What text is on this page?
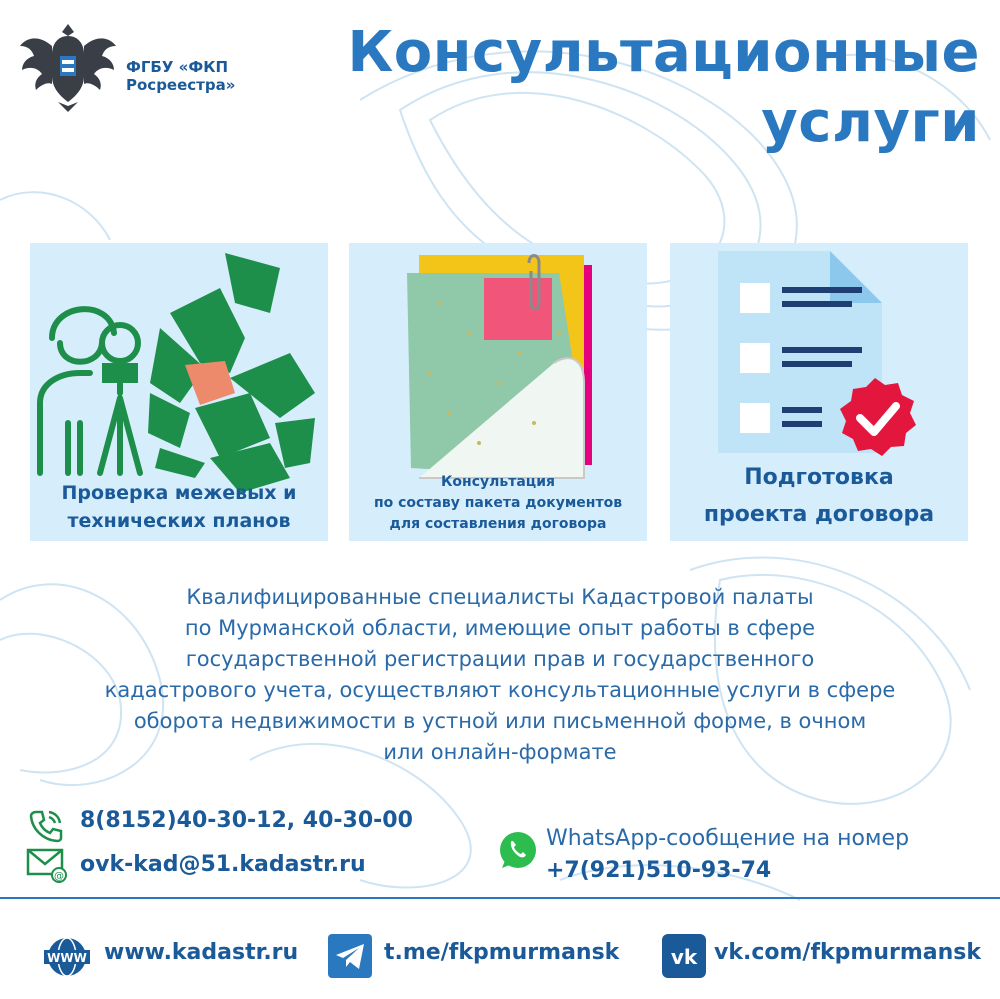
ФГБУ «ФКП
Росреестра» Консультационные
услуги
Проверка межевых и
технических планов
Консультация
по составу пакета документов
для составления договора
Подготовка
проекта договора
Квалифицированные специалисты Кадастровой палаты
по Мурманской области, имеющие опыт работы в сфере
государственной регистрации прав и государственного
кадастрового учета, осуществляют консультационные услуги в сфере
оборота недвижимости в устной или письменной форме, в очном
или онлайн-формате
8(8152)40-30-12, 40-30-00
@ ovk-kad@51.kadastr.ru
WhatsApp-сообщение на номер
+7(921)510-93-74
WWW www.kadastr.ru	t.me/fkpmurmansk	vk vk.com/fkpmurmansk
